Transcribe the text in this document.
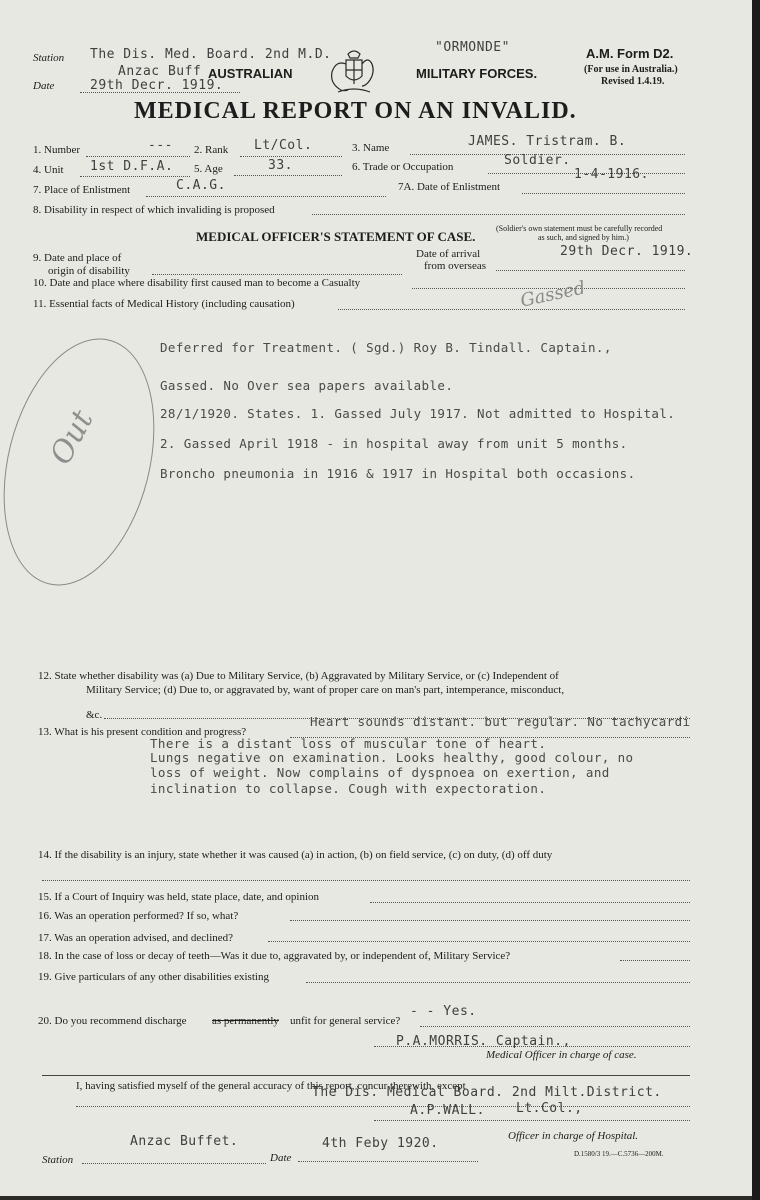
Station The Dis. Med. Board. 2nd M.D.
Anzac Buff
Date	29th Decr. 1919.
"ORMONDE"
AUSTRALIAN	MILITARY FORCES.
A.M. Form D2.
(For use in Australia.)
Revised 1.4.19.
MEDICAL REPORT ON AN INVALID.
1. Number	--- 2. Rank Lt/Col.	3. Name	JAMES. Tristram. B.
4. Unit 1st D.F.A. 5. Age	33.	6. Trade or Occupation	Soldier.
7. Place of Enlistment	C.A.G.	7A. Date of Enlistment
1-4-1916.
8. Disability in respect of which invaliding is proposed
MEDICAL OFFICER'S STATEMENT OF CASE.
(Soldier's own statement must be carefully recorded
as such, and signed by him.)
9. Date and place of
origin of disability
Date of arrival
from overseas
29th Decr. 1919.
10. Date and place where disability first caused man to become a Casualty
11. Essential facts of Medical History (including causation)	Gassed
Out
Deferred for Treatment. ( Sgd.) Roy B. Tindall. Captain.,
Gassed. No Over sea papers available.
28/1/1920. States. 1. Gassed July 1917. Not admitted to Hospital.
2. Gassed April 1918 - in hospital away from unit 5 months.
Broncho pneumonia in 1916 & 1917 in Hospital both occasions.
12. State whether disability was (a) Due to Military Service, (b) Aggravated by Military Service, or (c) Independent of
Military Service; (d) Due to, or aggravated by, want of proper care on man's part, intemperance, misconduct,
&c.
13. What is his present condition and progress?
Heart sounds distant. but regular. No tachycardi
There is a distant loss of muscular tone of heart.
Lungs negative on examination. Looks healthy, good colour, no
loss of weight. Now complains of dyspnoea on exertion, and
inclination to collapse. Cough with expectoration.
14. If the disability is an injury, state whether it was caused (a) in action, (b) on field service, (c) on duty, (d) off duty
15. If a Court of Inquiry was held, state place, date, and opinion
16. Was an operation performed? If so, what?
17. Was an operation advised, and declined?
18. In the case of loss or decay of teeth—Was it due to, aggravated by, or independent of, Military Service?
19. Give particulars of any other disabilities existing
20. Do you recommend discharge as permanently unfit for general service?
- - Yes.
P.A.MORRIS. Captain.,
Medical Officer in charge of case.
I, having satisfied myself of the general accuracy of this report, concur therewith, except
The Dis. Medical Board. 2nd Milt.District.
A.P.WALL. Lt.Col.,
Anzac Buffet.	4th Febу 1920.	Officer in charge of Hospital.
Station	Date	D.1580/3 19.—C.5736—200M.
